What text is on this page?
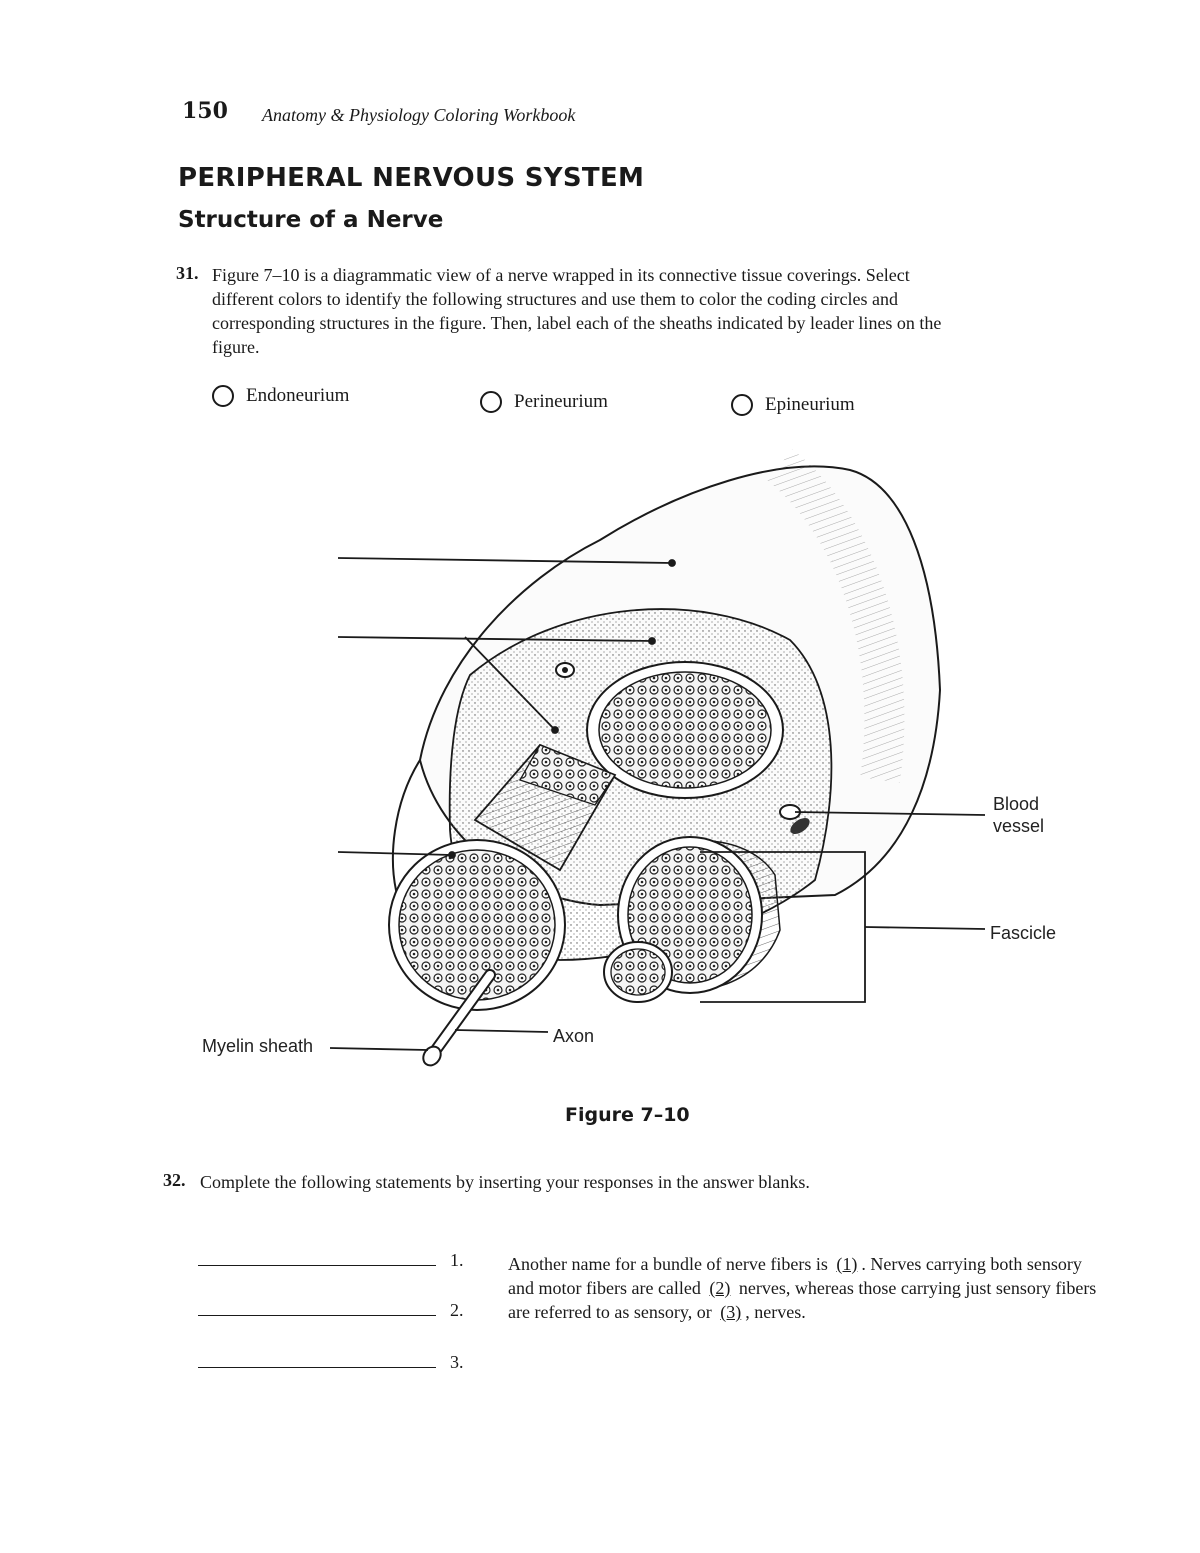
150 Anatomy & Physiology Coloring Workbook
PERIPHERAL NERVOUS SYSTEM
Structure of a Nerve
31. Figure 7–10 is a diagrammatic view of a nerve wrapped in its connective tissue coverings. Select different colors to identify the following structures and use them to color the coding circles and corresponding structures in the figure. Then, label each of the sheaths indicated by leader lines on the figure.
Endoneurium	Perineurium	Epineurium
Blood vessel
Fascicle
Myelin sheath	Axon
Figure 7–10
32. Complete the following statements by inserting your responses in the answer blanks.
1.
2.
3.
Another name for a bundle of nerve fibers is (1) . Nerves carrying both sensory and motor fibers are called (2) nerves, whereas those carrying just sensory fibers are referred to as sensory, or (3) , nerves.
